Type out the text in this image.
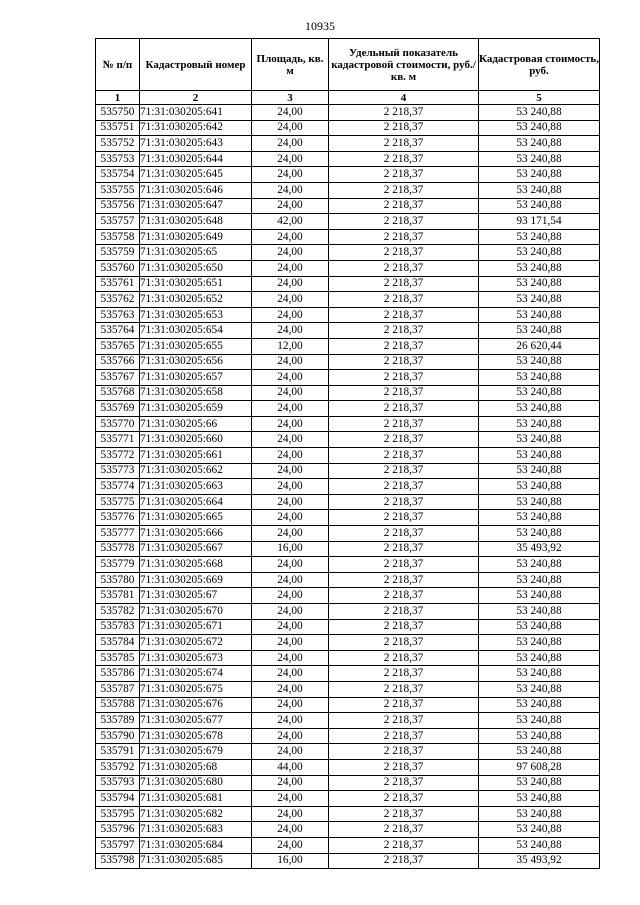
10935
№ п/п	Кадастровый номер	Площадь, кв. м	Удельный показатель кадастровой стоимости, руб./кв. м	Кадастровая стоимость, руб.
1	2	3	4	5
535750	71:31:030205:641	24,00	2 218,37	53 240,88
535751	71:31:030205:642	24,00	2 218,37	53 240,88
535752	71:31:030205:643	24,00	2 218,37	53 240,88
535753	71:31:030205:644	24,00	2 218,37	53 240,88
535754	71:31:030205:645	24,00	2 218,37	53 240,88
535755	71:31:030205:646	24,00	2 218,37	53 240,88
535756	71:31:030205:647	24,00	2 218,37	53 240,88
535757	71:31:030205:648	42,00	2 218,37	93 171,54
535758	71:31:030205:649	24,00	2 218,37	53 240,88
535759	71:31:030205:65	24,00	2 218,37	53 240,88
535760	71:31:030205:650	24,00	2 218,37	53 240,88
535761	71:31:030205:651	24,00	2 218,37	53 240,88
535762	71:31:030205:652	24,00	2 218,37	53 240,88
535763	71:31:030205:653	24,00	2 218,37	53 240,88
535764	71:31:030205:654	24,00	2 218,37	53 240,88
535765	71:31:030205:655	12,00	2 218,37	26 620,44
535766	71:31:030205:656	24,00	2 218,37	53 240,88
535767	71:31:030205:657	24,00	2 218,37	53 240,88
535768	71:31:030205:658	24,00	2 218,37	53 240,88
535769	71:31:030205:659	24,00	2 218,37	53 240,88
535770	71:31:030205:66	24,00	2 218,37	53 240,88
535771	71:31:030205:660	24,00	2 218,37	53 240,88
535772	71:31:030205:661	24,00	2 218,37	53 240,88
535773	71:31:030205:662	24,00	2 218,37	53 240,88
535774	71:31:030205:663	24,00	2 218,37	53 240,88
535775	71:31:030205:664	24,00	2 218,37	53 240,88
535776	71:31:030205:665	24,00	2 218,37	53 240,88
535777	71:31:030205:666	24,00	2 218,37	53 240,88
535778	71:31:030205:667	16,00	2 218,37	35 493,92
535779	71:31:030205:668	24,00	2 218,37	53 240,88
535780	71:31:030205:669	24,00	2 218,37	53 240,88
535781	71:31:030205:67	24,00	2 218,37	53 240,88
535782	71:31:030205:670	24,00	2 218,37	53 240,88
535783	71:31:030205:671	24,00	2 218,37	53 240,88
535784	71:31:030205:672	24,00	2 218,37	53 240,88
535785	71:31:030205:673	24,00	2 218,37	53 240,88
535786	71:31:030205:674	24,00	2 218,37	53 240,88
535787	71:31:030205:675	24,00	2 218,37	53 240,88
535788	71:31:030205:676	24,00	2 218,37	53 240,88
535789	71:31:030205:677	24,00	2 218,37	53 240,88
535790	71:31:030205:678	24,00	2 218,37	53 240,88
535791	71:31:030205:679	24,00	2 218,37	53 240,88
535792	71:31:030205:68	44,00	2 218,37	97 608,28
535793	71:31:030205:680	24,00	2 218,37	53 240,88
535794	71:31:030205:681	24,00	2 218,37	53 240,88
535795	71:31:030205:682	24,00	2 218,37	53 240,88
535796	71:31:030205:683	24,00	2 218,37	53 240,88
535797	71:31:030205:684	24,00	2 218,37	53 240,88
535798	71:31:030205:685	16,00	2 218,37	35 493,92
